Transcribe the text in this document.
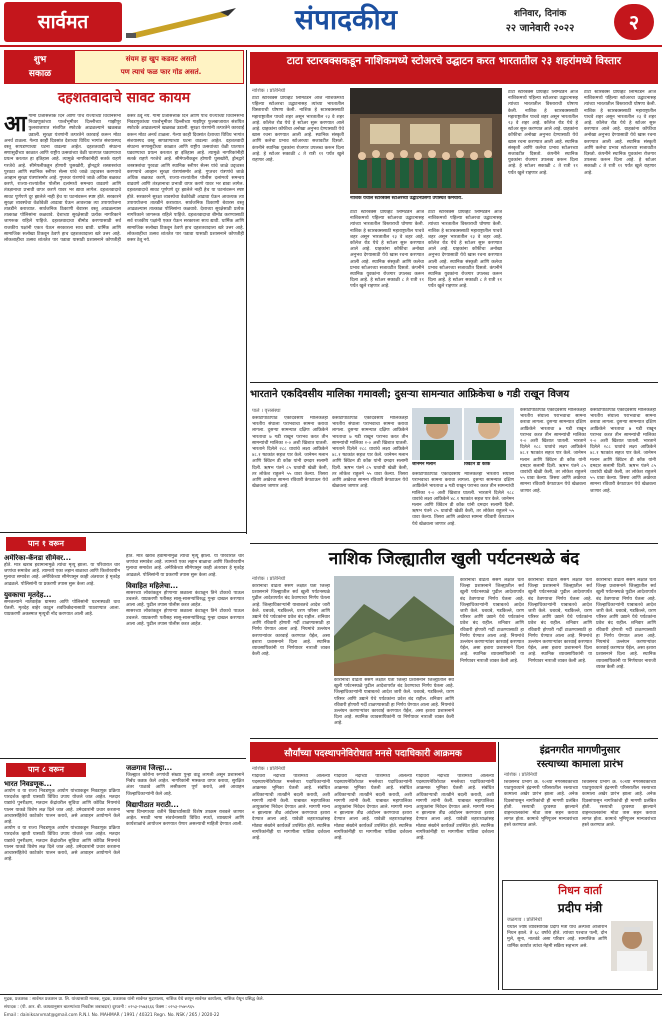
सार्वमत	संपादकीय	शनिवार, दिनांक
२२ जानेवारी २०२२	२
शुभ
सकाळ
संयम हा खुप कडवट असतो
पण त्याचं फळ फार गोड असतं.
दहशतवादाचे सावट कायम
आ गामी प्रजासत्ताक दिन आणि पाच राज्यांच्या विधानसभा निवडणुकांच्या पार्श्वभूमीवर दिल्लीच्या गाझीपूर फुलबाजारात संशयित स्फोटके आढळल्याने खळबळ उडाली. सुरक्षा यंत्रणांनी तत्परतेने कारवाई करून मोठा अनर्थ टाळला. गेल्या काही दिवसांत देशाच्या विविध भागांत संशयास्पद वस्तू सापडण्याच्या घटना वाढल्या आहेत. दहशतवादी संघटना सणासुदीच्या काळात आणि राष्ट्रीय उत्सवांच्या वेळी घातपात घडवण्याचा प्रयत्न करतात हा इतिहास आहे. त्यामुळे नागरिकांनीही सतर्क राहणे गरजेचे आहे. सीमेपलीकडून होणारी घुसखोरी, ड्रोनद्वारे शस्त्रास्त्रांचा पुरवठा आणि स्थानिक स्लीपर सेल्स यांचे जाळे उद्ध्वस्त करण्याचे आव्हान सुरक्षा यंत्रणांसमोर आहे. गुप्तचर यंत्रणांचे जाळे अधिक बळकट करणे, राज्या-राज्यांतील पोलीस दलांमध्ये समन्वय वाढवणे आणि तंत्रज्ञानाचा प्रभावी वापर करणे यावर भर द्यावा लागेल. दहशतवादाचे सावट पूर्णपणे दूर झालेले नाही हेच या घटनांवरून स्पष्ट होते. सरकारने सुरक्षा व्यवस्थेचा वेळोवेळी आढावा घेऊन आवश्यक त्या उपाययोजना तातडीने कराव्यात. सार्वजनिक ठिकाणी बेवारस वस्तू आढळल्यास तात्काळ पोलिसांना कळवावे. देशाच्या सुरक्षेसाठी प्रत्येक नागरिकाने जागरूक राहिले पाहिजे. दहशतवादाचा बीमोड करण्यासाठी सर्व राजकीय पक्षांनी एकत्र येऊन सरकारला साथ द्यावी. धार्मिक आणि सामाजिक सलोखा टिकवून ठेवणे हाच दहशतवादाला खरे उत्तर आहे. लोकशाहीचा उत्सव शांततेत पार पडावा यासाठी प्रशासनाने कोणतीही कसर ठेवू नये. गामी प्रजासत्ताक दिन आणि पाच राज्यांच्या विधानसभा निवडणुकांच्या पार्श्वभूमीवर दिल्लीच्या गाझीपूर फुलबाजारात संशयित स्फोटके आढळल्याने खळबळ उडाली. सुरक्षा यंत्रणांनी तत्परतेने कारवाई करून मोठा अनर्थ टाळला. गेल्या काही दिवसांत देशाच्या विविध भागांत संशयास्पद वस्तू सापडण्याच्या घटना वाढल्या आहेत. दहशतवादी संघटना सणासुदीच्या काळात आणि राष्ट्रीय उत्सवांच्या वेळी घातपात घडवण्याचा प्रयत्न करतात हा इतिहास आहे. त्यामुळे नागरिकांनीही सतर्क राहणे गरजेचे आहे. सीमेपलीकडून होणारी घुसखोरी, ड्रोनद्वारे शस्त्रास्त्रांचा पुरवठा आणि स्थानिक स्लीपर सेल्स यांचे जाळे उद्ध्वस्त करण्याचे आव्हान सुरक्षा यंत्रणांसमोर आहे. गुप्तचर यंत्रणांचे जाळे अधिक बळकट करणे, राज्या-राज्यांतील पोलीस दलांमध्ये समन्वय वाढवणे आणि तंत्रज्ञानाचा प्रभावी वापर करणे यावर भर द्यावा लागेल. दहशतवादाचे सावट पूर्णपणे दूर झालेले नाही हेच या घटनांवरून स्पष्ट होते. सरकारने सुरक्षा व्यवस्थेचा वेळोवेळी आढावा घेऊन आवश्यक त्या उपाययोजना तातडीने कराव्यात. सार्वजनिक ठिकाणी बेवारस वस्तू आढळल्यास तात्काळ पोलिसांना कळवावे. देशाच्या सुरक्षेसाठी प्रत्येक नागरिकाने जागरूक राहिले पाहिजे. दहशतवादाचा बीमोड करण्यासाठी सर्व राजकीय पक्षांनी एकत्र येऊन सरकारला साथ द्यावी. धार्मिक आणि सामाजिक सलोखा टिकवून ठेवणे हाच दहशतवादाला खरे उत्तर आहे. लोकशाहीचा उत्सव शांततेत पार पडावा यासाठी प्रशासनाने कोणतीही कसर ठेवू नये.
पान १ वरून
अमेरिका-कॅनडा सीमेवर...
होते. मात्र खराब हवामानामुळे त्यांचा मृत्यू झाला. या परिवारात चार जणांचा समावेश आहे. त्यामध्ये एका लहान बाळाचा आणि किशोरवयीन मुलाचा समावेश आहे. अमेरिकेच्या सीमेपासून काही अंतरावर हे मृतदेह आढळले. पोलिसांनी या प्रकरणी तपास सुरू केला आहे.
युवकाचा मृतदेह...
समजल्याने नातेवाईक ग्रामस्थ आणि पोलिसांनी घटनास्थळी धाव घेतली. मृतदेह बाहेर काढून शवविच्छेदनासाठी पाठवण्यात आला. याप्रकरणी अकस्मात मृत्यूची नोंद करण्यात आली आहे.
होते. मात्र खराब हवामानामुळे त्यांचा मृत्यू झाला. या परिवारात चार जणांचा समावेश आहे. त्यामध्ये एका लहान बाळाचा आणि किशोरवयीन मुलाचा समावेश आहे. अमेरिकेच्या सीमेपासून काही अंतरावर हे मृतदेह आढळले. पोलिसांनी या प्रकरणी तपास सुरू केला आहे.
विवाहित महिलेचा...
सासरच्या लोकांकडून होणाऱ्या छळाला कंटाळून तिने टोकाचे पाऊल उचलले. याप्रकरणी पतीसह सासू-सासऱ्यांविरुद्ध गुन्हा दाखल करण्यात आला आहे. पुढील तपास पोलीस करत आहेत.
सासरच्या लोकांकडून होणाऱ्या छळाला कंटाळून तिने टोकाचे पाऊल उचलले. याप्रकरणी पतीसह सासू-सासऱ्यांविरुद्ध गुन्हा दाखल करण्यात आला आहे. पुढील तपास पोलीस करत आहेत.
पान ८ वरून
भारत निवडणूक...
आयोग व या राज्य निवडणूक आयोग यांच्याकडून निवडणूक प्रक्रिया पारदर्शक व्हावी यासाठी विविध उपाय योजले जात आहेत. मतदार याद्यांचे पुनरीक्षण, मतदान केंद्रांवरील सुविधा आणि कोविड नियमांचे पालन याकडे विशेष लक्ष दिले जात आहे. उमेदवारांनी प्रचार करताना आचारसंहितेचे काटेकोर पालन करावे, असे आवाहन आयोगाने केले आहे.
आयोग व या राज्य निवडणूक आयोग यांच्याकडून निवडणूक प्रक्रिया पारदर्शक व्हावी यासाठी विविध उपाय योजले जात आहेत. मतदार याद्यांचे पुनरीक्षण, मतदान केंद्रांवरील सुविधा आणि कोविड नियमांचे पालन याकडे विशेष लक्ष दिले जात आहे. उमेदवारांनी प्रचार करताना आचारसंहितेचे काटेकोर पालन करावे, असे आवाहन आयोगाने केले आहे.
जळगाव जिल्हा...
जिल्ह्यात कोरोना रुग्णांची संख्या पुन्हा वाढू लागली असून प्रशासनाने निर्बंध कडक केले आहेत. नागरिकांनी मास्कचा वापर करावा, सुरक्षित अंतर पाळावे आणि लसीकरण पूर्ण करावे, असे आवाहन जिल्हाधिकाऱ्यांनी केले आहे.
विद्यापीठात मराठी...
भाषा विभागाच्या वतीने विद्यार्थ्यांसाठी विशेष उपक्रम राबवले जाणार आहेत. मराठी भाषा संवर्धनासाठी विविध स्पर्धा, व्याख्याने आणि कार्यशाळांचे आयोजन करण्यात येणार असल्याची माहिती देण्यात आली.
टाटा स्टारबक्सकडून नाशिकमध्ये स्टोअरचे उद्घाटन करत भारतातील २३ शहरांमध्ये विस्तार
नाशिक । प्रतिनिधी
टाटा स्टारबक्स प्रायव्हेट लिमिटेडने आज नाशिकमध्ये पहिल्या स्टोअरचा उद्घाटनासह त्यांच्या भारतातील विस्ताराची घोषणा केली. नाशिक हे स्टारबक्ससाठी महाराष्ट्रातील पाचवे शहर असून भारतातील २३ वे शहर आहे. कॉलेज रोड येथे हे स्टोअर सुरू करण्यात आले आहे. ग्राहकांना कॉफीचा अनोखा अनुभव देण्यासाठी येथे खास रचना करण्यात आली आहे. स्थानिक संस्कृती आणि कलेचा प्रभाव स्टोअरच्या सजावटीत दिसतो. कंपनीने स्थानिक युवकांना रोजगार उपलब्ध करून दिला आहे. हे स्टोअर सकाळी ८ ते रात्री ११ पर्यंत खुले राहणार आहे.
नाशिक येथील स्टारबक्स स्टोअरच्या उद्घाटनप्रसंगी उपस्थित कर्मचारी.
टाटा स्टारबक्स प्रायव्हेट लिमिटेडने आज नाशिकमध्ये पहिल्या स्टोअरचा उद्घाटनासह त्यांच्या भारतातील विस्ताराची घोषणा केली. नाशिक हे स्टारबक्ससाठी महाराष्ट्रातील पाचवे शहर असून भारतातील २३ वे शहर आहे. कॉलेज रोड येथे हे स्टोअर सुरू करण्यात आले आहे. ग्राहकांना कॉफीचा अनोखा अनुभव देण्यासाठी येथे खास रचना करण्यात आली आहे. स्थानिक संस्कृती आणि कलेचा प्रभाव स्टोअरच्या सजावटीत दिसतो. कंपनीने स्थानिक युवकांना रोजगार उपलब्ध करून दिला आहे. हे स्टोअर सकाळी ८ ते रात्री ११ पर्यंत खुले राहणार आहे.
टाटा स्टारबक्स प्रायव्हेट लिमिटेडने आज नाशिकमध्ये पहिल्या स्टोअरचा उद्घाटनासह त्यांच्या भारतातील विस्ताराची घोषणा केली. नाशिक हे स्टारबक्ससाठी महाराष्ट्रातील पाचवे शहर असून भारतातील २३ वे शहर आहे. कॉलेज रोड येथे हे स्टोअर सुरू करण्यात आले आहे. ग्राहकांना कॉफीचा अनोखा अनुभव देण्यासाठी येथे खास रचना करण्यात आली आहे. स्थानिक संस्कृती आणि कलेचा प्रभाव स्टोअरच्या सजावटीत दिसतो. कंपनीने स्थानिक युवकांना रोजगार उपलब्ध करून दिला आहे. हे स्टोअर सकाळी ८ ते रात्री ११ पर्यंत खुले राहणार आहे.
टाटा स्टारबक्स प्रायव्हेट लिमिटेडने आज नाशिकमध्ये पहिल्या स्टोअरचा उद्घाटनासह त्यांच्या भारतातील विस्ताराची घोषणा केली. नाशिक हे स्टारबक्ससाठी महाराष्ट्रातील पाचवे शहर असून भारतातील २३ वे शहर आहे. कॉलेज रोड येथे हे स्टोअर सुरू करण्यात आले आहे. ग्राहकांना कॉफीचा अनोखा अनुभव देण्यासाठी येथे खास रचना करण्यात आली आहे. स्थानिक संस्कृती आणि कलेचा प्रभाव स्टोअरच्या सजावटीत दिसतो. कंपनीने स्थानिक युवकांना रोजगार उपलब्ध करून दिला आहे. हे स्टोअर सकाळी ८ ते रात्री ११ पर्यंत खुले राहणार आहे.
टाटा स्टारबक्स प्रायव्हेट लिमिटेडने आज नाशिकमध्ये पहिल्या स्टोअरचा उद्घाटनासह त्यांच्या भारतातील विस्ताराची घोषणा केली. नाशिक हे स्टारबक्ससाठी महाराष्ट्रातील पाचवे शहर असून भारतातील २३ वे शहर आहे. कॉलेज रोड येथे हे स्टोअर सुरू करण्यात आले आहे. ग्राहकांना कॉफीचा अनोखा अनुभव देण्यासाठी येथे खास रचना करण्यात आली आहे. स्थानिक संस्कृती आणि कलेचा प्रभाव स्टोअरच्या सजावटीत दिसतो. कंपनीने स्थानिक युवकांना रोजगार उपलब्ध करून दिला आहे. हे स्टोअर सकाळी ८ ते रात्री ११ पर्यंत खुले राहणार आहे.
भारताने एकदिवसीय मालिका गमावली; दुसऱ्या सामन्यात आफ्रिकेचा ७ गडी राखून विजय
पार्ल । वृत्तसंस्था
कसोटीपाठोपाठ एकदिवसीय मालिकेतही भारतीय संघाला पराभवाचा सामना करावा लागला. दुसऱ्या सामन्यात दक्षिण आफ्रिकेने भारताचा ७ गडी राखून पराभव करत तीन सामन्यांची मालिका २-० अशी खिशात घातली. भारताने दिलेले २८८ धावांचे लक्ष्य आफ्रिकेने ४८.१ षटकांत सहज पार केले. जानेमन मलान आणि क्विंटन डी कॉक यांनी दमदार सलामी दिली. ऋषभ पंतने ८५ धावांची खेळी केली, तर लोकेश राहुलने ५५ धावा केल्या. तिसरा आणि अखेरचा सामना रविवारी केपटाऊन येथे खेळवला जाणार आहे.
कसोटीपाठोपाठ एकदिवसीय मालिकेतही भारतीय संघाला पराभवाचा सामना करावा लागला. दुसऱ्या सामन्यात दक्षिण आफ्रिकेने भारताचा ७ गडी राखून पराभव करत तीन सामन्यांची मालिका २-० अशी खिशात घातली. भारताने दिलेले २८८ धावांचे लक्ष्य आफ्रिकेने ४८.१ षटकांत सहज पार केले. जानेमन मलान आणि क्विंटन डी कॉक यांनी दमदार सलामी दिली. ऋषभ पंतने ८५ धावांची खेळी केली, तर लोकेश राहुलने ५५ धावा केल्या. तिसरा आणि अखेरचा सामना रविवारी केपटाऊन येथे खेळवला जाणार आहे.
जानेमन मलान	क्विंटन डी कॉक
कसोटीपाठोपाठ एकदिवसीय मालिकेतही भारतीय संघाला पराभवाचा सामना करावा लागला. दुसऱ्या सामन्यात दक्षिण आफ्रिकेने भारताचा ७ गडी राखून पराभव करत तीन सामन्यांची मालिका २-० अशी खिशात घातली. भारताने दिलेले २८८ धावांचे लक्ष्य आफ्रिकेने ४८.१ षटकांत सहज पार केले. जानेमन मलान आणि क्विंटन डी कॉक यांनी दमदार सलामी दिली. ऋषभ पंतने ८५ धावांची खेळी केली, तर लोकेश राहुलने ५५ धावा केल्या. तिसरा आणि अखेरचा सामना रविवारी केपटाऊन येथे खेळवला जाणार आहे.
कसोटीपाठोपाठ एकदिवसीय मालिकेतही भारतीय संघाला पराभवाचा सामना करावा लागला. दुसऱ्या सामन्यात दक्षिण आफ्रिकेने भारताचा ७ गडी राखून पराभव करत तीन सामन्यांची मालिका २-० अशी खिशात घातली. भारताने दिलेले २८८ धावांचे लक्ष्य आफ्रिकेने ४८.१ षटकांत सहज पार केले. जानेमन मलान आणि क्विंटन डी कॉक यांनी दमदार सलामी दिली. ऋषभ पंतने ८५ धावांची खेळी केली, तर लोकेश राहुलने ५५ धावा केल्या. तिसरा आणि अखेरचा सामना रविवारी केपटाऊन येथे खेळवला जाणार आहे.
कसोटीपाठोपाठ एकदिवसीय मालिकेतही भारतीय संघाला पराभवाचा सामना करावा लागला. दुसऱ्या सामन्यात दक्षिण आफ्रिकेने भारताचा ७ गडी राखून पराभव करत तीन सामन्यांची मालिका २-० अशी खिशात घातली. भारताने दिलेले २८८ धावांचे लक्ष्य आफ्रिकेने ४८.१ षटकांत सहज पार केले. जानेमन मलान आणि क्विंटन डी कॉक यांनी दमदार सलामी दिली. ऋषभ पंतने ८५ धावांची खेळी केली, तर लोकेश राहुलने ५५ धावा केल्या. तिसरा आणि अखेरचा सामना रविवारी केपटाऊन येथे खेळवला जाणार आहे.
नाशिक जिल्ह्यातील खुली पर्यटनस्थळे बंद
नाशिक । प्रतिनिधी
कोरोनाचा वाढता संसर्ग लक्षात घेता जिल्हा प्रशासनाने जिल्ह्यातील सर्व खुली पर्यटनस्थळे पुढील आदेशापर्यंत बंद ठेवण्याचा निर्णय घेतला आहे. जिल्हाधिकाऱ्यांनी याबाबतचे आदेश जारी केले. धबधबे, गडकिल्ले, धरण परिसर आणि उद्याने येथे पर्यटकांना प्रवेश बंद राहील. शनिवार आणि रविवारी होणारी गर्दी टाळण्यासाठी हा निर्णय घेण्यात आला आहे. नियमांचे उल्लंघन करणाऱ्यांवर कारवाई करण्यात येईल, असा इशारा प्रशासनाने दिला आहे. स्थानिक व्यावसायिकांनी या निर्णयावर नाराजी व्यक्त केली आहे.
कोरोनाचा वाढता संसर्ग लक्षात घेता जिल्हा प्रशासनाने जिल्ह्यातील सर्व खुली पर्यटनस्थळे पुढील आदेशापर्यंत बंद ठेवण्याचा निर्णय घेतला आहे. जिल्हाधिकाऱ्यांनी याबाबतचे आदेश जारी केले. धबधबे, गडकिल्ले, धरण परिसर आणि उद्याने येथे पर्यटकांना प्रवेश बंद राहील. शनिवार आणि रविवारी होणारी गर्दी टाळण्यासाठी हा निर्णय घेण्यात आला आहे. नियमांचे उल्लंघन करणाऱ्यांवर कारवाई करण्यात येईल, असा इशारा प्रशासनाने दिला आहे. स्थानिक व्यावसायिकांनी या निर्णयावर नाराजी व्यक्त केली आहे.
कोरोनाचा वाढता संसर्ग लक्षात घेता जिल्हा प्रशासनाने जिल्ह्यातील सर्व खुली पर्यटनस्थळे पुढील आदेशापर्यंत बंद ठेवण्याचा निर्णय घेतला आहे. जिल्हाधिकाऱ्यांनी याबाबतचे आदेश जारी केले. धबधबे, गडकिल्ले, धरण परिसर आणि उद्याने येथे पर्यटकांना प्रवेश बंद राहील. शनिवार आणि रविवारी होणारी गर्दी टाळण्यासाठी हा निर्णय घेण्यात आला आहे. नियमांचे उल्लंघन करणाऱ्यांवर कारवाई करण्यात येईल, असा इशारा प्रशासनाने दिला आहे. स्थानिक व्यावसायिकांनी या निर्णयावर नाराजी व्यक्त केली आहे.
कोरोनाचा वाढता संसर्ग लक्षात घेता जिल्हा प्रशासनाने जिल्ह्यातील सर्व खुली पर्यटनस्थळे पुढील आदेशापर्यंत बंद ठेवण्याचा निर्णय घेतला आहे. जिल्हाधिकाऱ्यांनी याबाबतचे आदेश जारी केले. धबधबे, गडकिल्ले, धरण परिसर आणि उद्याने येथे पर्यटकांना प्रवेश बंद राहील. शनिवार आणि रविवारी होणारी गर्दी टाळण्यासाठी हा निर्णय घेण्यात आला आहे. नियमांचे उल्लंघन करणाऱ्यांवर कारवाई करण्यात येईल, असा इशारा प्रशासनाने दिला आहे. स्थानिक व्यावसायिकांनी या निर्णयावर नाराजी व्यक्त केली आहे.
कोरोनाचा वाढता संसर्ग लक्षात घेता जिल्हा प्रशासनाने जिल्ह्यातील सर्व खुली पर्यटनस्थळे पुढील आदेशापर्यंत बंद ठेवण्याचा निर्णय घेतला आहे. जिल्हाधिकाऱ्यांनी याबाबतचे आदेश जारी केले. धबधबे, गडकिल्ले, धरण परिसर आणि उद्याने येथे पर्यटकांना प्रवेश बंद राहील. शनिवार आणि रविवारी होणारी गर्दी टाळण्यासाठी हा निर्णय घेण्यात आला आहे. नियमांचे उल्लंघन करणाऱ्यांवर कारवाई करण्यात येईल, असा इशारा प्रशासनाने दिला आहे. स्थानिक व्यावसायिकांनी या निर्णयावर नाराजी व्यक्त केली आहे.
सौर्यांच्या पदस्थापनेविरोधात मनसे पदाधिकारी आक्रमक
नाशिक । प्रतिनिधी
गोदावरी नदीच्या पात्रामध्ये आलेल्या पदस्थापनेविरोधात मनसेच्या पदाधिकाऱ्यांनी आक्रमक भूमिका घेतली आहे. संबंधित अधिकाऱ्याची तातडीने बदली करावी, अशी मागणी त्यांनी केली. याबाबत महापालिका आयुक्तांना निवेदन देण्यात आले. मागणी मान्य न झाल्यास तीव्र आंदोलन करण्याचा इशारा देण्यात आला आहे. यावेळी शहराध्यक्षांसह मोठ्या संख्येने कार्यकर्ते उपस्थित होते. स्थानिक नागरिकांनीही या मागणीला पाठिंबा दर्शवला आहे.
गोदावरी नदीच्या पात्रामध्ये आलेल्या पदस्थापनेविरोधात मनसेच्या पदाधिकाऱ्यांनी आक्रमक भूमिका घेतली आहे. संबंधित अधिकाऱ्याची तातडीने बदली करावी, अशी मागणी त्यांनी केली. याबाबत महापालिका आयुक्तांना निवेदन देण्यात आले. मागणी मान्य न झाल्यास तीव्र आंदोलन करण्याचा इशारा देण्यात आला आहे. यावेळी शहराध्यक्षांसह मोठ्या संख्येने कार्यकर्ते उपस्थित होते. स्थानिक नागरिकांनीही या मागणीला पाठिंबा दर्शवला आहे.
गोदावरी नदीच्या पात्रामध्ये आलेल्या पदस्थापनेविरोधात मनसेच्या पदाधिकाऱ्यांनी आक्रमक भूमिका घेतली आहे. संबंधित अधिकाऱ्याची तातडीने बदली करावी, अशी मागणी त्यांनी केली. याबाबत महापालिका आयुक्तांना निवेदन देण्यात आले. मागणी मान्य न झाल्यास तीव्र आंदोलन करण्याचा इशारा देण्यात आला आहे. यावेळी शहराध्यक्षांसह मोठ्या संख्येने कार्यकर्ते उपस्थित होते. स्थानिक नागरिकांनीही या मागणीला पाठिंबा दर्शवला आहे.
इंद्रनगरीत मागणीनुसार
रस्त्याच्या कामाला प्रारंभ
नाशिक । प्रतिनिधी
शिवसेनेचे प्रभाग क्र. १०च्या नगरसेवकांच्या पाठपुराव्याने इंद्रनगरी परिसरातील रस्त्याच्या कामाला अखेर प्रारंभ झाला आहे. अनेक दिवसांपासून नागरिकांची ही मागणी प्रलंबित होती. रस्त्याची दुरवस्था झाल्याने वाहनचालकांना मोठा त्रास सहन करावा लागत होता. कामाचे भूमिपूजन मान्यवरांच्या हस्ते करण्यात आले.
शिवसेनेचे प्रभाग क्र. १०च्या नगरसेवकांच्या पाठपुराव्याने इंद्रनगरी परिसरातील रस्त्याच्या कामाला अखेर प्रारंभ झाला आहे. अनेक दिवसांपासून नागरिकांची ही मागणी प्रलंबित होती. रस्त्याची दुरवस्था झाल्याने वाहनचालकांना मोठा त्रास सहन करावा लागत होता. कामाचे भूमिपूजन मान्यवरांच्या हस्ते करण्यात आले.
निधन वार्ता
प्रदीप मंत्री
जळगाव । प्रतिनिधी
येथील ज्येष्ठ व्यावसायिक प्रदीप मंत्री यांचे अल्पशा आजाराने निधन झाले. ते ६८ वर्षांचे होते. त्यांच्या पश्चात पत्नी, दोन मुले, सुना, नातवंडे असा परिवार आहे. सामाजिक आणि धार्मिक कार्यात त्यांचा नेहमी सक्रिय सहभाग असे.
मुद्रक, प्रकाशक : सार्वमत प्रकाशन प्रा. लि. यांच्यासाठी मालक, मुद्रक, प्रकाशक यांनी सार्वमत मुद्रणालय, नाशिक येथे छापून सार्वमत कार्यालय, नाशिक येथून प्रसिद्ध केले.
संपादक : (पी. आर. बी. कायद्यानुसार बातम्यांच्या निवडीस जबाबदार) दूरध्वनी : ०२५३-२५७३६६६ फॅक्स : ०२५३-२५७५९६५
Email : dainiksarvmat@gmail.com R.N.I. No. MAHMAR / 1991 / 40321 Regn. No. NSK / 265 / 2020-22
